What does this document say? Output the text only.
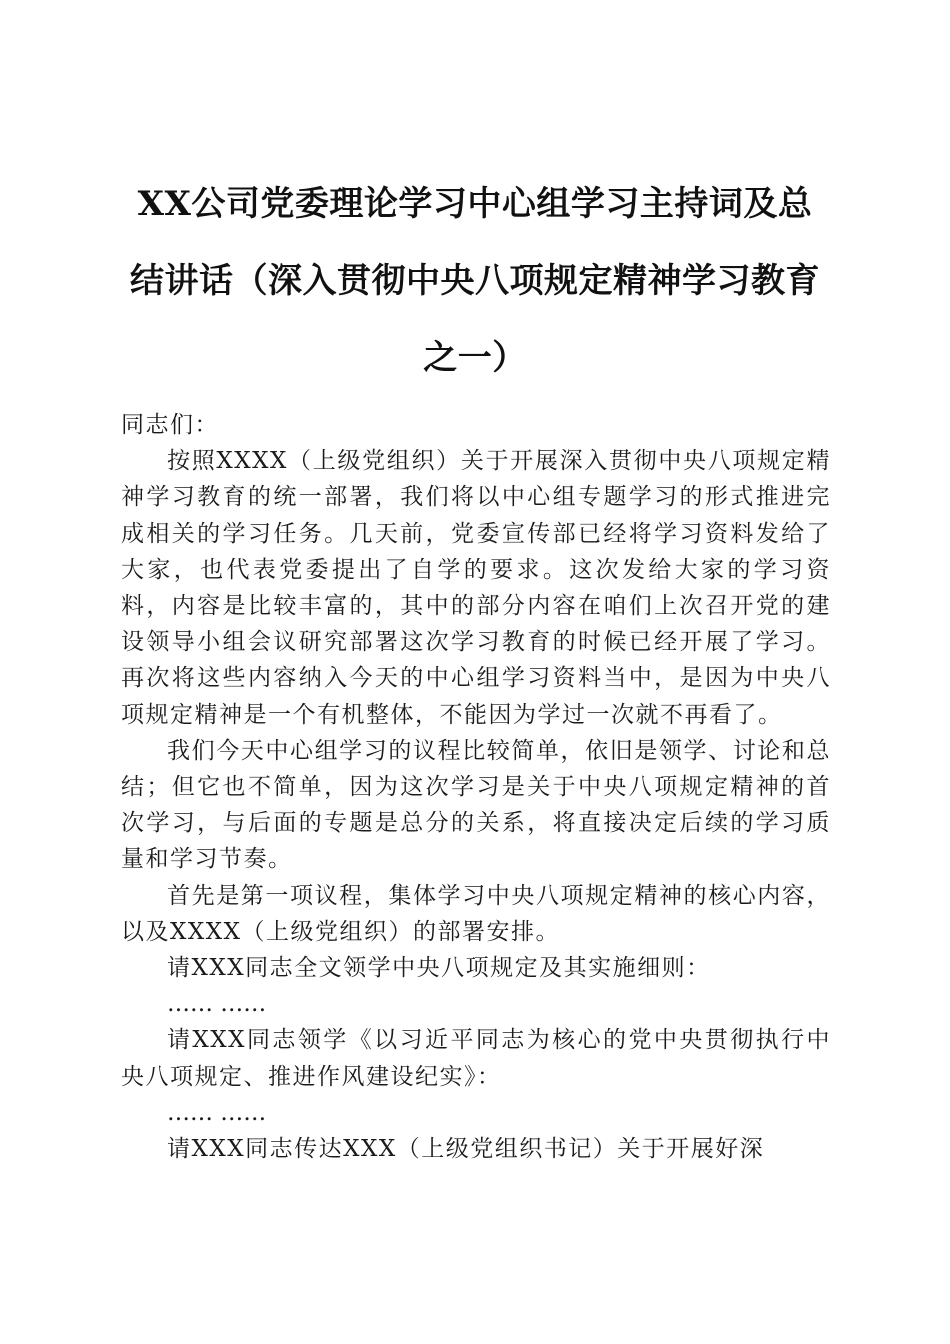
XX公司党委理论学习中心组学习主持词及总
结讲话（深入贯彻中央八项规定精神学习教育
之一）

同志们：

按照XXXX（上级党组织）关于开展深入贯彻中央八项规定精神学习教育的统一部署，我们将以中心组专题学习的形式推进完成相关的学习任务。几天前，党委宣传部已经将学习资料发给了大家，也代表党委提出了自学的要求。这次发给大家的学习资料，内容是比较丰富的，其中的部分内容在咱们上次召开党的建设领导小组会议研究部署这次学习教育的时候已经开展了学习。再次将这些内容纳入今天的中心组学习资料当中，是因为中央八项规定精神是一个有机整体，不能因为学过一次就不再看了。

我们今天中心组学习的议程比较简单，依旧是领学、讨论和总结；但它也不简单，因为这次学习是关于中央八项规定精神的首次学习，与后面的专题是总分的关系，将直接决定后续的学习质量和学习节奏。

首先是第一项议程，集体学习中央八项规定精神的核心内容，以及XXXX（上级党组织）的部署安排。

请XXX同志全文领学中央八项规定及其实施细则：

…… ……

请XXX同志领学《以习近平同志为核心的党中央贯彻执行中央八项规定、推进作风建设纪实》：

…… ……

请XXX同志传达XXX（上级党组织书记）关于开展好深
